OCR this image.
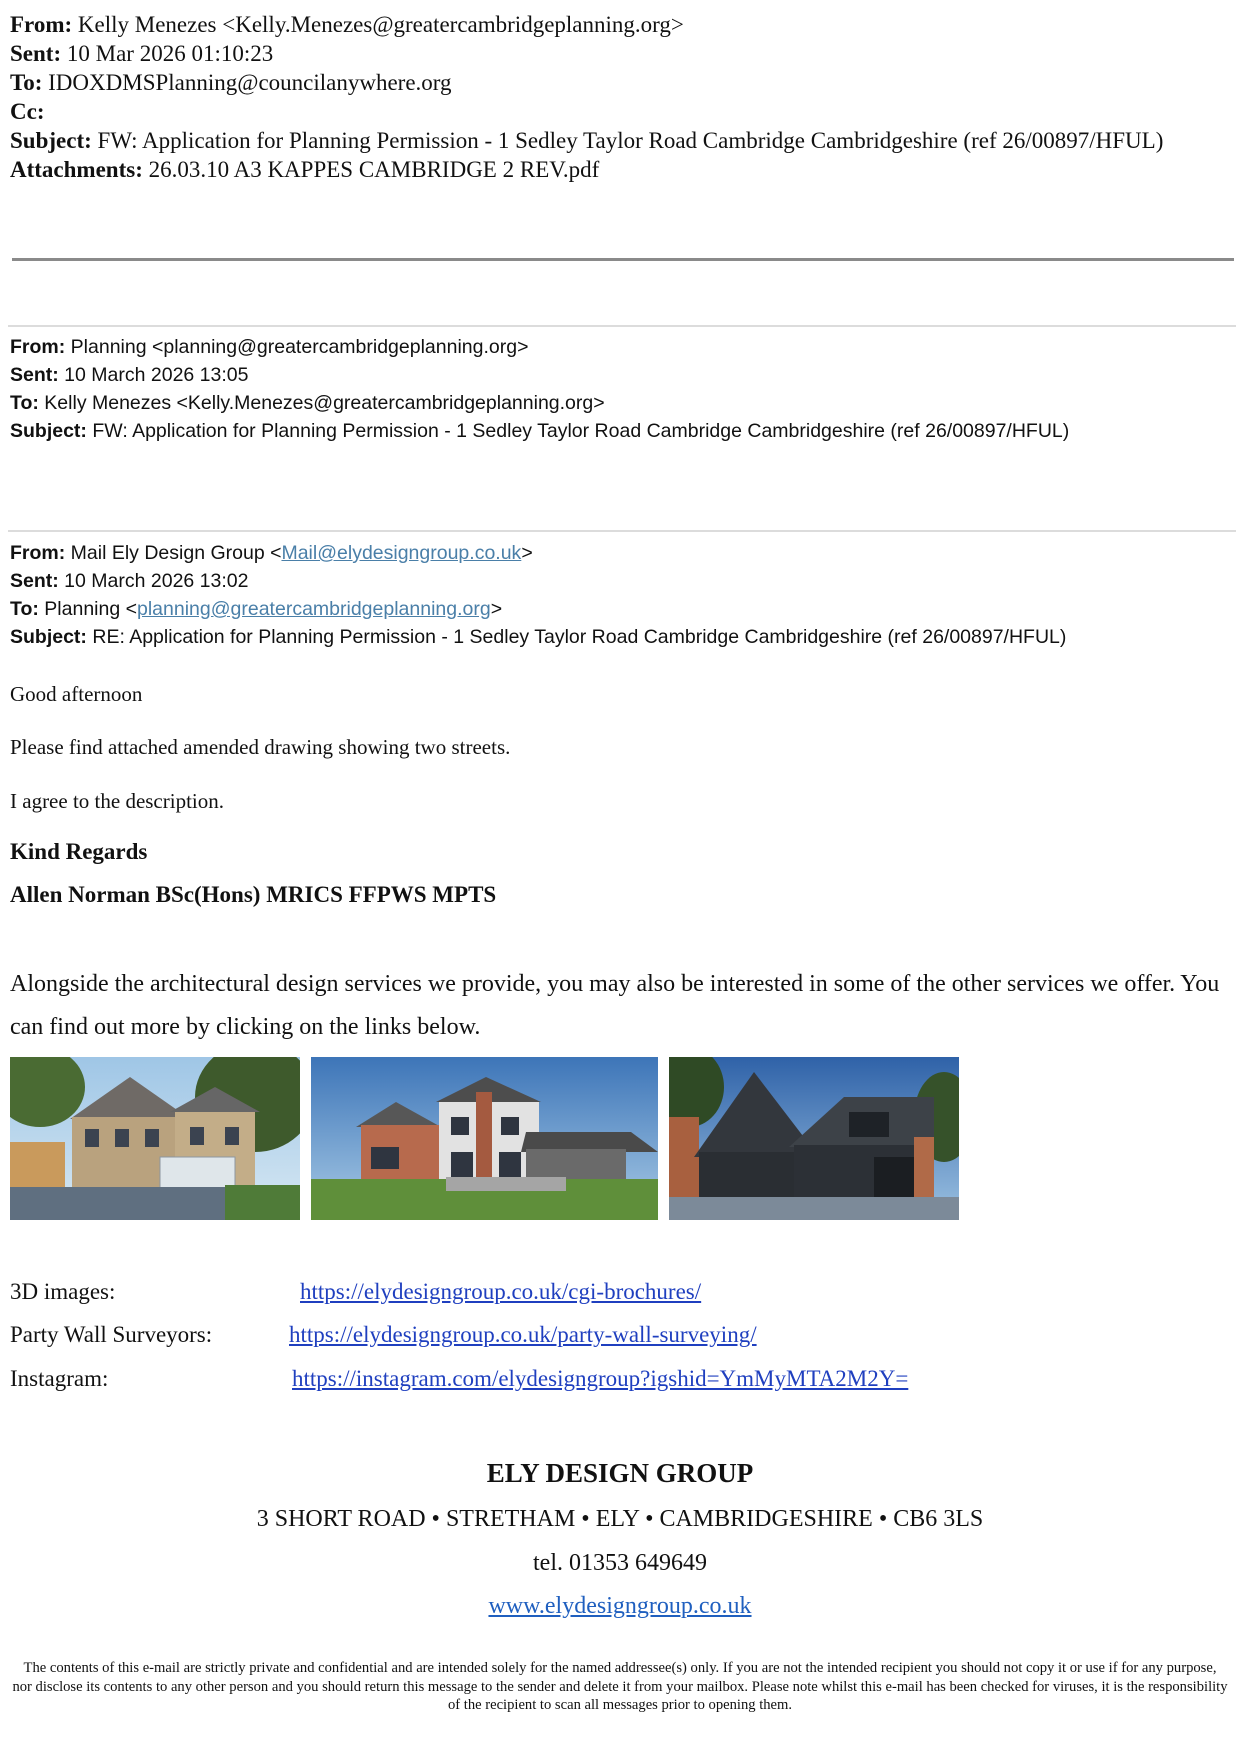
From: Kelly Menezes <Kelly.Menezes@greatercambridgeplanning.org>
Sent: 10 Mar 2026 01:10:23
To: IDOXDMSPlanning@councilanywhere.org
Cc:
Subject: FW: Application for Planning Permission - 1 Sedley Taylor Road Cambridge Cambridgeshire (ref 26/00897/HFUL)
Attachments: 26.03.10 A3 KAPPES CAMBRIDGE 2 REV.pdf
From: Planning <planning@greatercambridgeplanning.org>
Sent: 10 March 2026 13:05
To: Kelly Menezes <Kelly.Menezes@greatercambridgeplanning.org>
Subject: FW: Application for Planning Permission - 1 Sedley Taylor Road Cambridge Cambridgeshire (ref 26/00897/HFUL)
From: Mail Ely Design Group <Mail@elydesigngroup.co.uk>
Sent: 10 March 2026 13:02
To: Planning <planning@greatercambridgeplanning.org>
Subject: RE: Application for Planning Permission - 1 Sedley Taylor Road Cambridge Cambridgeshire (ref 26/00897/HFUL)
Good afternoon
Please find attached amended drawing showing two streets.
I agree to the description.
Kind Regards
Allen Norman BSc(Hons) MRICS FFPWS MPTS
Alongside the architectural design services we provide, you may also be interested in some of the other services we offer. You can find out more by clicking on the links below.
3D images:	https://elydesigngroup.co.uk/cgi-brochures/
Party Wall Surveyors:	https://elydesigngroup.co.uk/party-wall-surveying/
Instagram:	https://instagram.com/elydesigngroup?igshid=YmMyMTA2M2Y=
ELY DESIGN GROUP
3 SHORT ROAD • STRETHAM • ELY • CAMBRIDGESHIRE • CB6 3LS
tel. 01353 649649
www.elydesigngroup.co.uk
The contents of this e-mail are strictly private and confidential and are intended solely for the named addressee(s) only. If you are not the intended recipient you should not copy it or use if for any purpose, nor disclose its contents to any other person and you should return this message to the sender and delete it from your mailbox. Please note whilst this e-mail has been checked for viruses, it is the responsibility of the recipient to scan all messages prior to opening them.
